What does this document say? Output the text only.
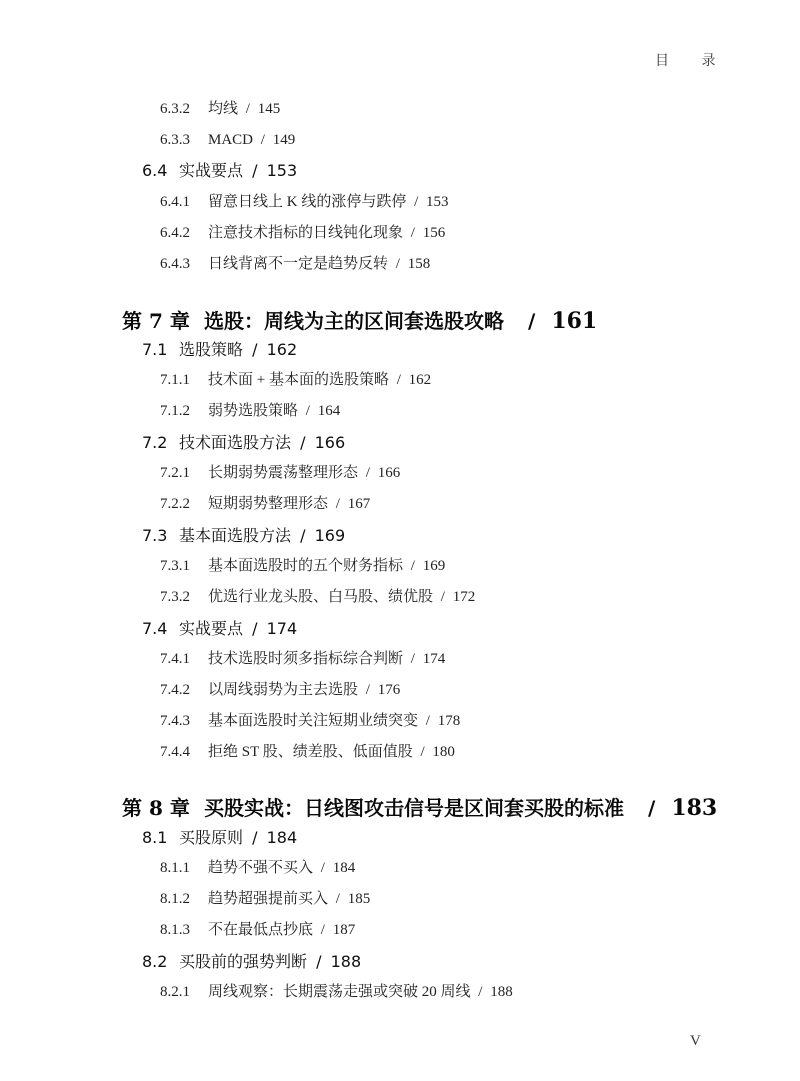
目 录
6.3.2 均线 / 145
6.3.3 MACD / 149
6.4 实战要点 / 153
6.4.1 留意日线上 K 线的涨停与跌停 / 153
6.4.2 注意技术指标的日线钝化现象 / 156
6.4.3 日线背离不一定是趋势反转 / 158
第 7 章 选股：周线为主的区间套选股攻略 / 161
7.1 选股策略 / 162
7.1.1 技术面 + 基本面的选股策略 / 162
7.1.2 弱势选股策略 / 164
7.2 技术面选股方法 / 166
7.2.1 长期弱势震荡整理形态 / 166
7.2.2 短期弱势整理形态 / 167
7.3 基本面选股方法 / 169
7.3.1 基本面选股时的五个财务指标 / 169
7.3.2 优选行业龙头股、白马股、绩优股 / 172
7.4 实战要点 / 174
7.4.1 技术选股时须多指标综合判断 / 174
7.4.2 以周线弱势为主去选股 / 176
7.4.3 基本面选股时关注短期业绩突变 / 178
7.4.4 拒绝 ST 股、绩差股、低面值股 / 180
第 8 章 买股实战：日线图攻击信号是区间套买股的标准 / 183
8.1 买股原则 / 184
8.1.1 趋势不强不买入 / 184
8.1.2 趋势超强提前买入 / 185
8.1.3 不在最低点抄底 / 187
8.2 买股前的强势判断 / 188
8.2.1 周线观察：长期震荡走强或突破 20 周线 / 188
V
